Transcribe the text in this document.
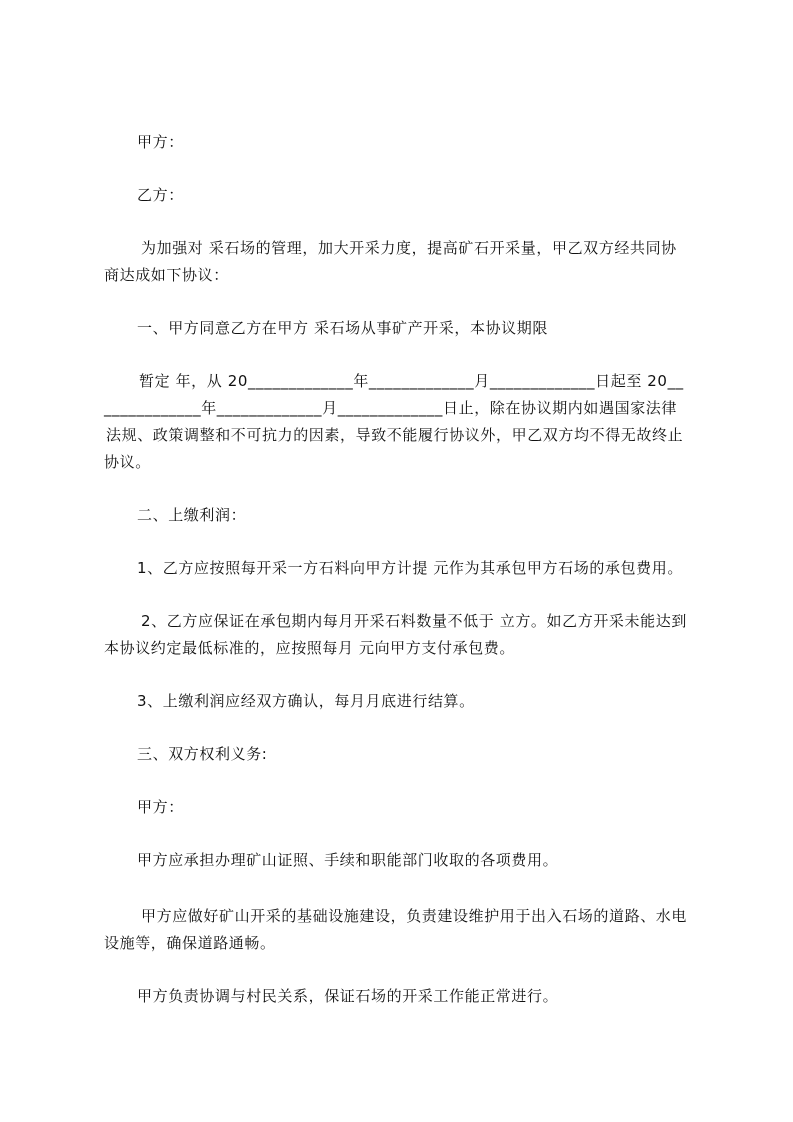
甲方：
乙方：
为加强对 采石场的管理，加大开采力度，提高矿石开采量，甲乙双方经共同协
商达成如下协议：
一、甲方同意乙方在甲方 采石场从事矿产开采，本协议期限
暂定 年，从 20_____________年_____________月_____________日起至 20__
____________年_____________月_____________日止，除在协议期内如遇国家法律
法规、政策调整和不可抗力的因素，导致不能履行协议外，甲乙双方均不得无故终止
协议。
二、上缴利润：
1、乙方应按照每开采一方石料向甲方计提 元作为其承包甲方石场的承包费用。
2、乙方应保证在承包期内每月开采石料数量不低于 立方。如乙方开采未能达到
本协议约定最低标准的，应按照每月 元向甲方支付承包费。
3、上缴利润应经双方确认，每月月底进行结算。
三、双方权利义务:
甲方：
甲方应承担办理矿山证照、手续和职能部门收取的各项费用。
甲方应做好矿山开采的基础设施建设，负责建设维护用于出入石场的道路、水电
设施等，确保道路通畅。
甲方负责协调与村民关系，保证石场的开采工作能正常进行。
